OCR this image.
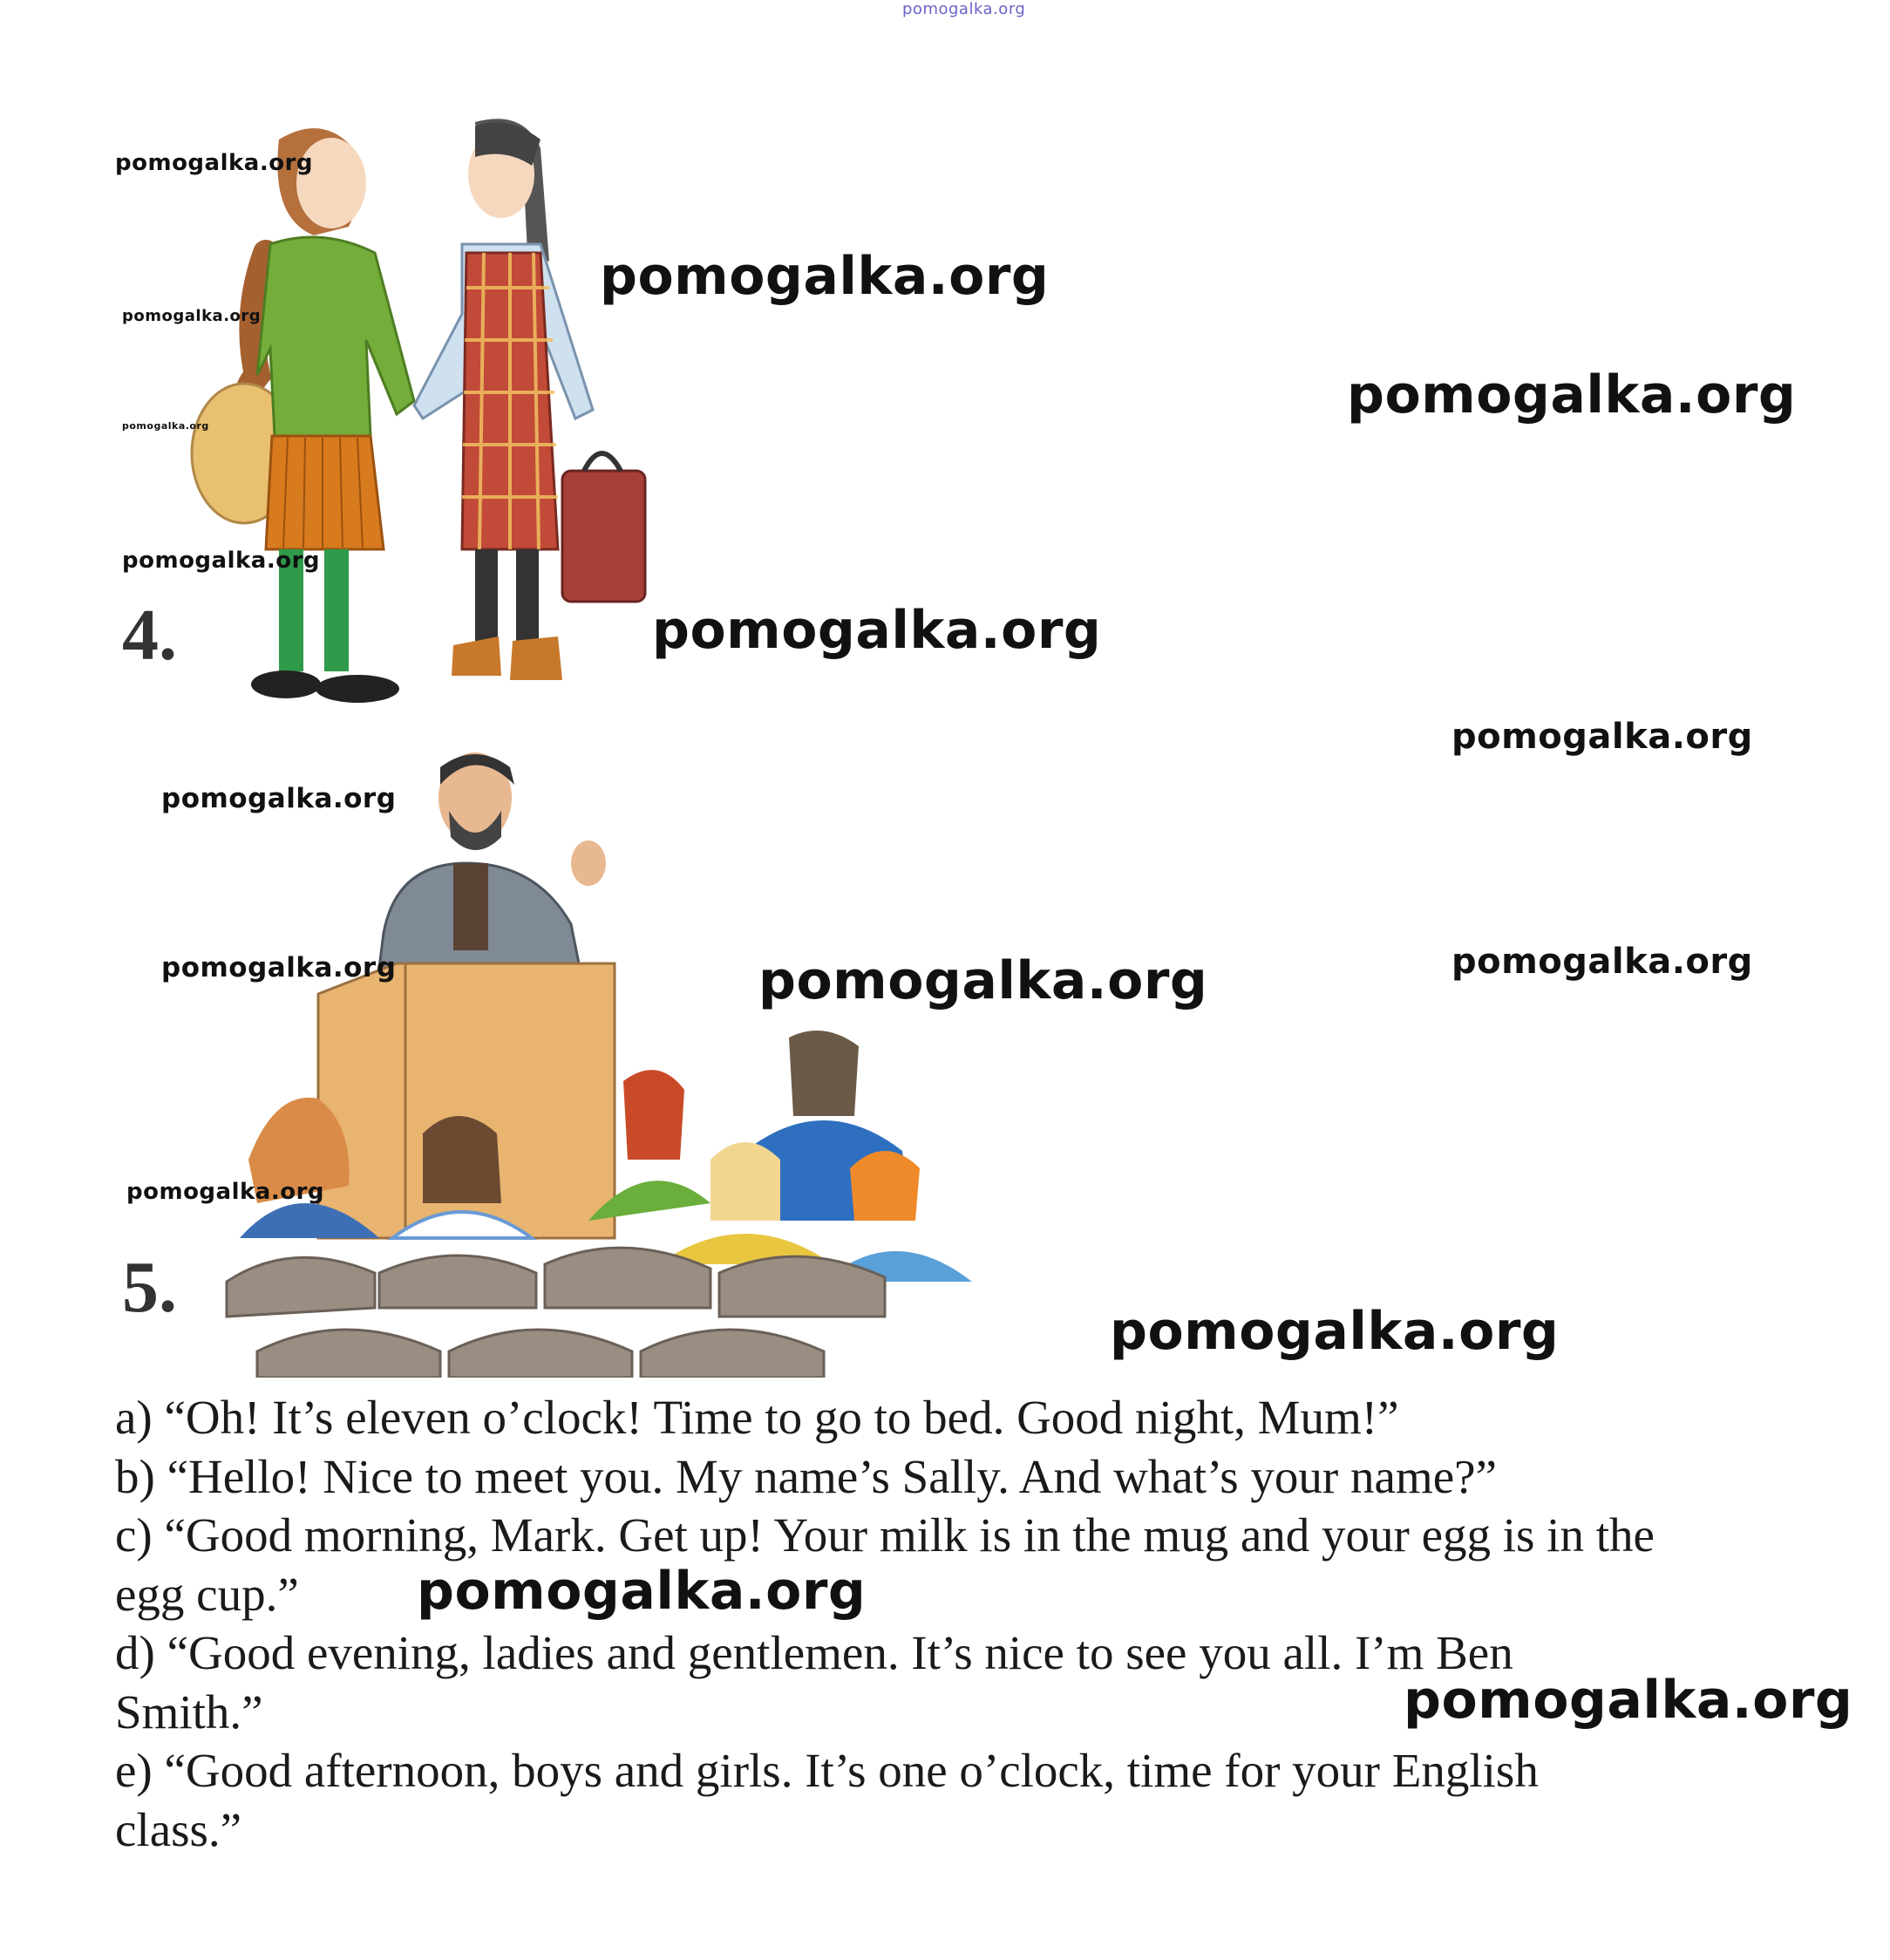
4.
5.
pomogalka.org
pomogalka.org
pomogalka.org
pomogalka.org
pomogalka.org
pomogalka.org
pomogalka.org
pomogalka.org
pomogalka.org
pomogalka.org
pomogalka.org
pomogalka.org	pomogalka.org
pomogalka.org
pomogalka.org
a) “Oh! It’s eleven o’clock! Time to go to bed. Good night, Mum!”
b) “Hello! Nice to meet you. My name’s Sally. And what’s your name?”
c) “Good morning, Mark. Get up! Your milk is in the mug and your egg is in the
egg cup.”
d) “Good evening, ladies and gentlemen. It’s nice to see you all. I’m Ben
Smith.”
e) “Good afternoon, boys and girls. It’s one o’clock, time for your English
class.”
pomogalka.org
pomogalka.org
